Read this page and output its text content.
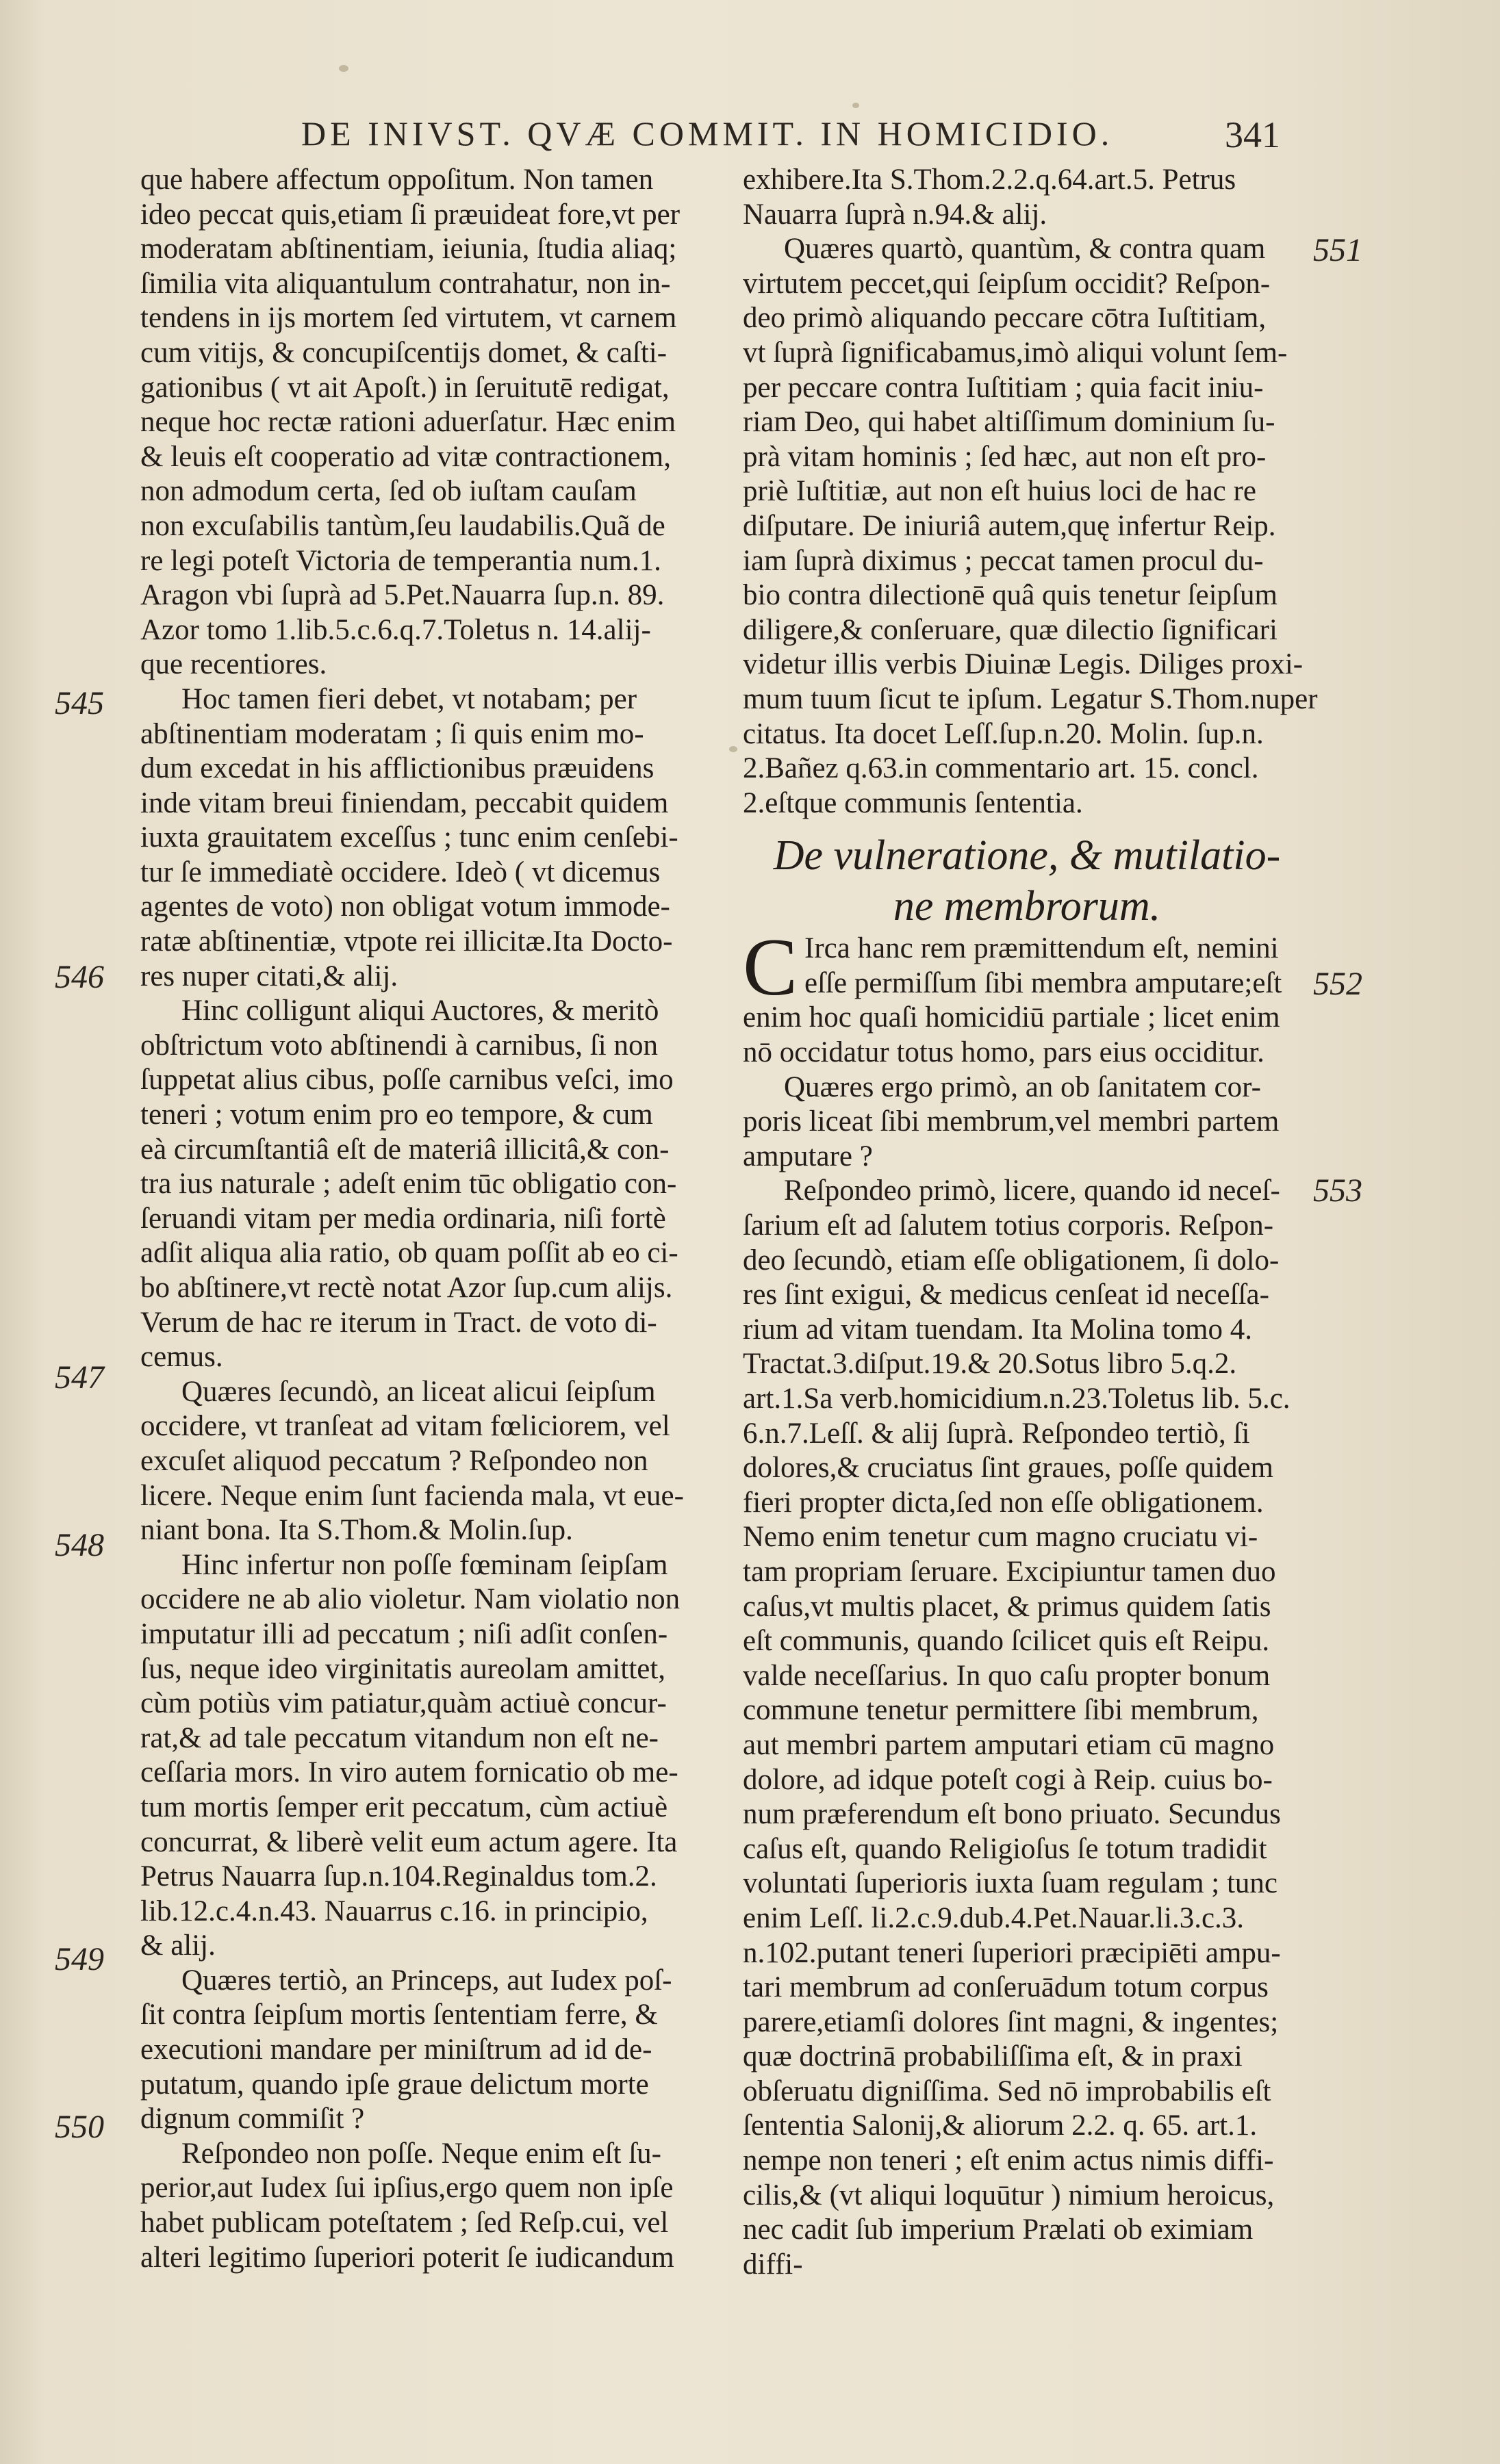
DE INIVST. QVÆ COMMIT. IN HOMICIDIO.	341
que habere affectum oppoſitum. Non tamen
ideo peccat quis,etiam ſi præuideat fore,vt per
moderatam abſtinentiam, ieiunia, ſtudia aliaq;
ſimilia vita aliquantulum contrahatur, non in-
tendens in ijs mortem ſed virtutem, vt carnem
cum vitijs, & concupiſcentijs domet, & caſti-
gationibus ( vt ait Apoſt.) in ſeruitutē redigat,
neque hoc rectæ rationi aduerſatur. Hæc enim
& leuis eſt cooperatio ad vitæ contractionem,
non admodum certa, ſed ob iuſtam cauſam
non excuſabilis tantùm,ſeu laudabilis.Quã de
re legi poteſt Victoria de temperantia num.1.
Aragon vbi ſuprà ad 5.Pet.Nauarra ſup.n. 89.
Azor tomo 1.lib.5.c.6.q.7.Toletus n. 14.alij-
que recentiores.
Hoc tamen fieri debet, vt notabam; per
abſtinentiam moderatam ; ſi quis enim mo-
dum excedat in his afflictionibus præuidens
inde vitam breui finiendam, peccabit quidem
iuxta grauitatem exceſſus ; tunc enim cenſebi-
tur ſe immediatè occidere. Ideò ( vt dicemus
agentes de voto) non obligat votum immode-
ratæ abſtinentiæ, vtpote rei illicitæ.Ita Docto-
res nuper citati,& alij.
Hinc colligunt aliqui Auctores, & meritò
obſtrictum voto abſtinendi à carnibus, ſi non
ſuppetat alius cibus, poſſe carnibus veſci, imo
teneri ; votum enim pro eo tempore, & cum
eà circumſtantiâ eſt de materiâ illicitâ,& con-
tra ius naturale ; adeſt enim tūc obligatio con-
ſeruandi vitam per media ordinaria, niſi fortè
adſit aliqua alia ratio, ob quam poſſit ab eo ci-
bo abſtinere,vt rectè notat Azor ſup.cum alijs.
Verum de hac re iterum in Tract. de voto di-
cemus.
Quæres ſecundò, an liceat alicui ſeipſum
occidere, vt tranſeat ad vitam fœliciorem, vel
excuſet aliquod peccatum ? Reſpondeo non
licere. Neque enim ſunt facienda mala, vt eue-
niant bona. Ita S.Thom.& Molin.ſup.
Hinc infertur non poſſe fœminam ſeipſam
occidere ne ab alio violetur. Nam violatio non
imputatur illi ad peccatum ; niſi adſit conſen-
ſus, neque ideo virginitatis aureolam amittet,
cùm potiùs vim patiatur,quàm actiuè concur-
rat,& ad tale peccatum vitandum non eſt ne-
ceſſaria mors. In viro autem fornicatio ob me-
tum mortis ſemper erit peccatum, cùm actiuè
concurrat, & liberè velit eum actum agere. Ita
Petrus Nauarra ſup.n.104.Reginaldus tom.2.
lib.12.c.4.n.43. Nauarrus c.16. in principio,
& alij.
Quæres tertiò, an Princeps, aut Iudex poſ-
ſit contra ſeipſum mortis ſententiam ferre, &
executioni mandare per miniſtrum ad id de-
putatum, quando ipſe graue delictum morte
dignum commiſit ?
Reſpondeo non poſſe. Neque enim eſt ſu-
perior,aut Iudex ſui ipſius,ergo quem non ipſe
habet publicam poteſtatem ; ſed Reſp.cui, vel
alteri legitimo ſuperiori poterit ſe iudicandum
exhibere.Ita S.Thom.2.2.q.64.art.5. Petrus
Nauarra ſuprà n.94.& alij.
Quæres quartò, quantùm, & contra quam
virtutem peccet,qui ſeipſum occidit? Reſpon-
deo primò aliquando peccare cōtra Iuſtitiam,
vt ſuprà ſignificabamus,imò aliqui volunt ſem-
per peccare contra Iuſtitiam ; quia facit iniu-
riam Deo, qui habet altiſſimum dominium ſu-
prà vitam hominis ; ſed hæc, aut non eſt pro-
priè Iuſtitiæ, aut non eſt huius loci de hac re
diſputare. De iniuriâ autem,quę infertur Reip.
iam ſuprà diximus ; peccat tamen procul du-
bio contra dilectionē quâ quis tenetur ſeipſum
diligere,& conſeruare, quæ dilectio ſignificari
videtur illis verbis Diuinæ Legis. Diliges proxi-
mum tuum ſicut te ipſum. Legatur S.Thom.nuper
citatus. Ita docet Leſſ.ſup.n.20. Molin. ſup.n.
2.Bañez q.63.in commentario art. 15. concl.
2.eſtque communis ſententia.
De vulneratione, & mutilatio-
ne membrorum.
C Irca hanc rem præmittendum eſt, nemini
eſſe permiſſum ſibi membra amputare;eſt
enim hoc quaſi homicidiū partiale ; licet enim
nō occidatur totus homo, pars eius occiditur.
Quæres ergo primò, an ob ſanitatem cor-
poris liceat ſibi membrum,vel membri partem
amputare ?
Reſpondeo primò, licere, quando id neceſ-
ſarium eſt ad ſalutem totius corporis. Reſpon-
deo ſecundò, etiam eſſe obligationem, ſi dolo-
res ſint exigui, & medicus cenſeat id neceſſa-
rium ad vitam tuendam. Ita Molina tomo 4.
Tractat.3.diſput.19.& 20.Sotus libro 5.q.2.
art.1.Sa verb.homicidium.n.23.Toletus lib. 5.c.
6.n.7.Leſſ. & alij ſuprà. Reſpondeo tertiò, ſi
dolores,& cruciatus ſint graues, poſſe quidem
fieri propter dicta,ſed non eſſe obligationem.
Nemo enim tenetur cum magno cruciatu vi-
tam propriam ſeruare. Excipiuntur tamen duo
caſus,vt multis placet, & primus quidem ſatis
eſt communis, quando ſcilicet quis eſt Reipu.
valde neceſſarius. In quo caſu propter bonum
commune tenetur permittere ſibi membrum,
aut membri partem amputari etiam cū magno
dolore, ad idque poteſt cogi à Reip. cuius bo-
num præferendum eſt bono priuato. Secundus
caſus eſt, quando Religioſus ſe totum tradidit
voluntati ſuperioris iuxta ſuam regulam ; tunc
enim Leſſ. li.2.c.9.dub.4.Pet.Nauar.li.3.c.3.
n.102.putant teneri ſuperiori præcipiēti ampu-
tari membrum ad conſeruādum totum corpus
parere,etiamſi dolores ſint magni, & ingentes;
quæ doctrinā probabiliſſima eſt, & in praxi
obſeruatu digniſſima. Sed nō improbabilis eſt
ſententia Salonij,& aliorum 2.2. q. 65. art.1.
nempe non teneri ; eſt enim actus nimis diffi-
cilis,& (vt aliqui loquūtur ) nimium heroicus,
nec cadit ſub imperium Prælati ob eximiam
diffi-
545
546
547
548
549
550
551
552
553
